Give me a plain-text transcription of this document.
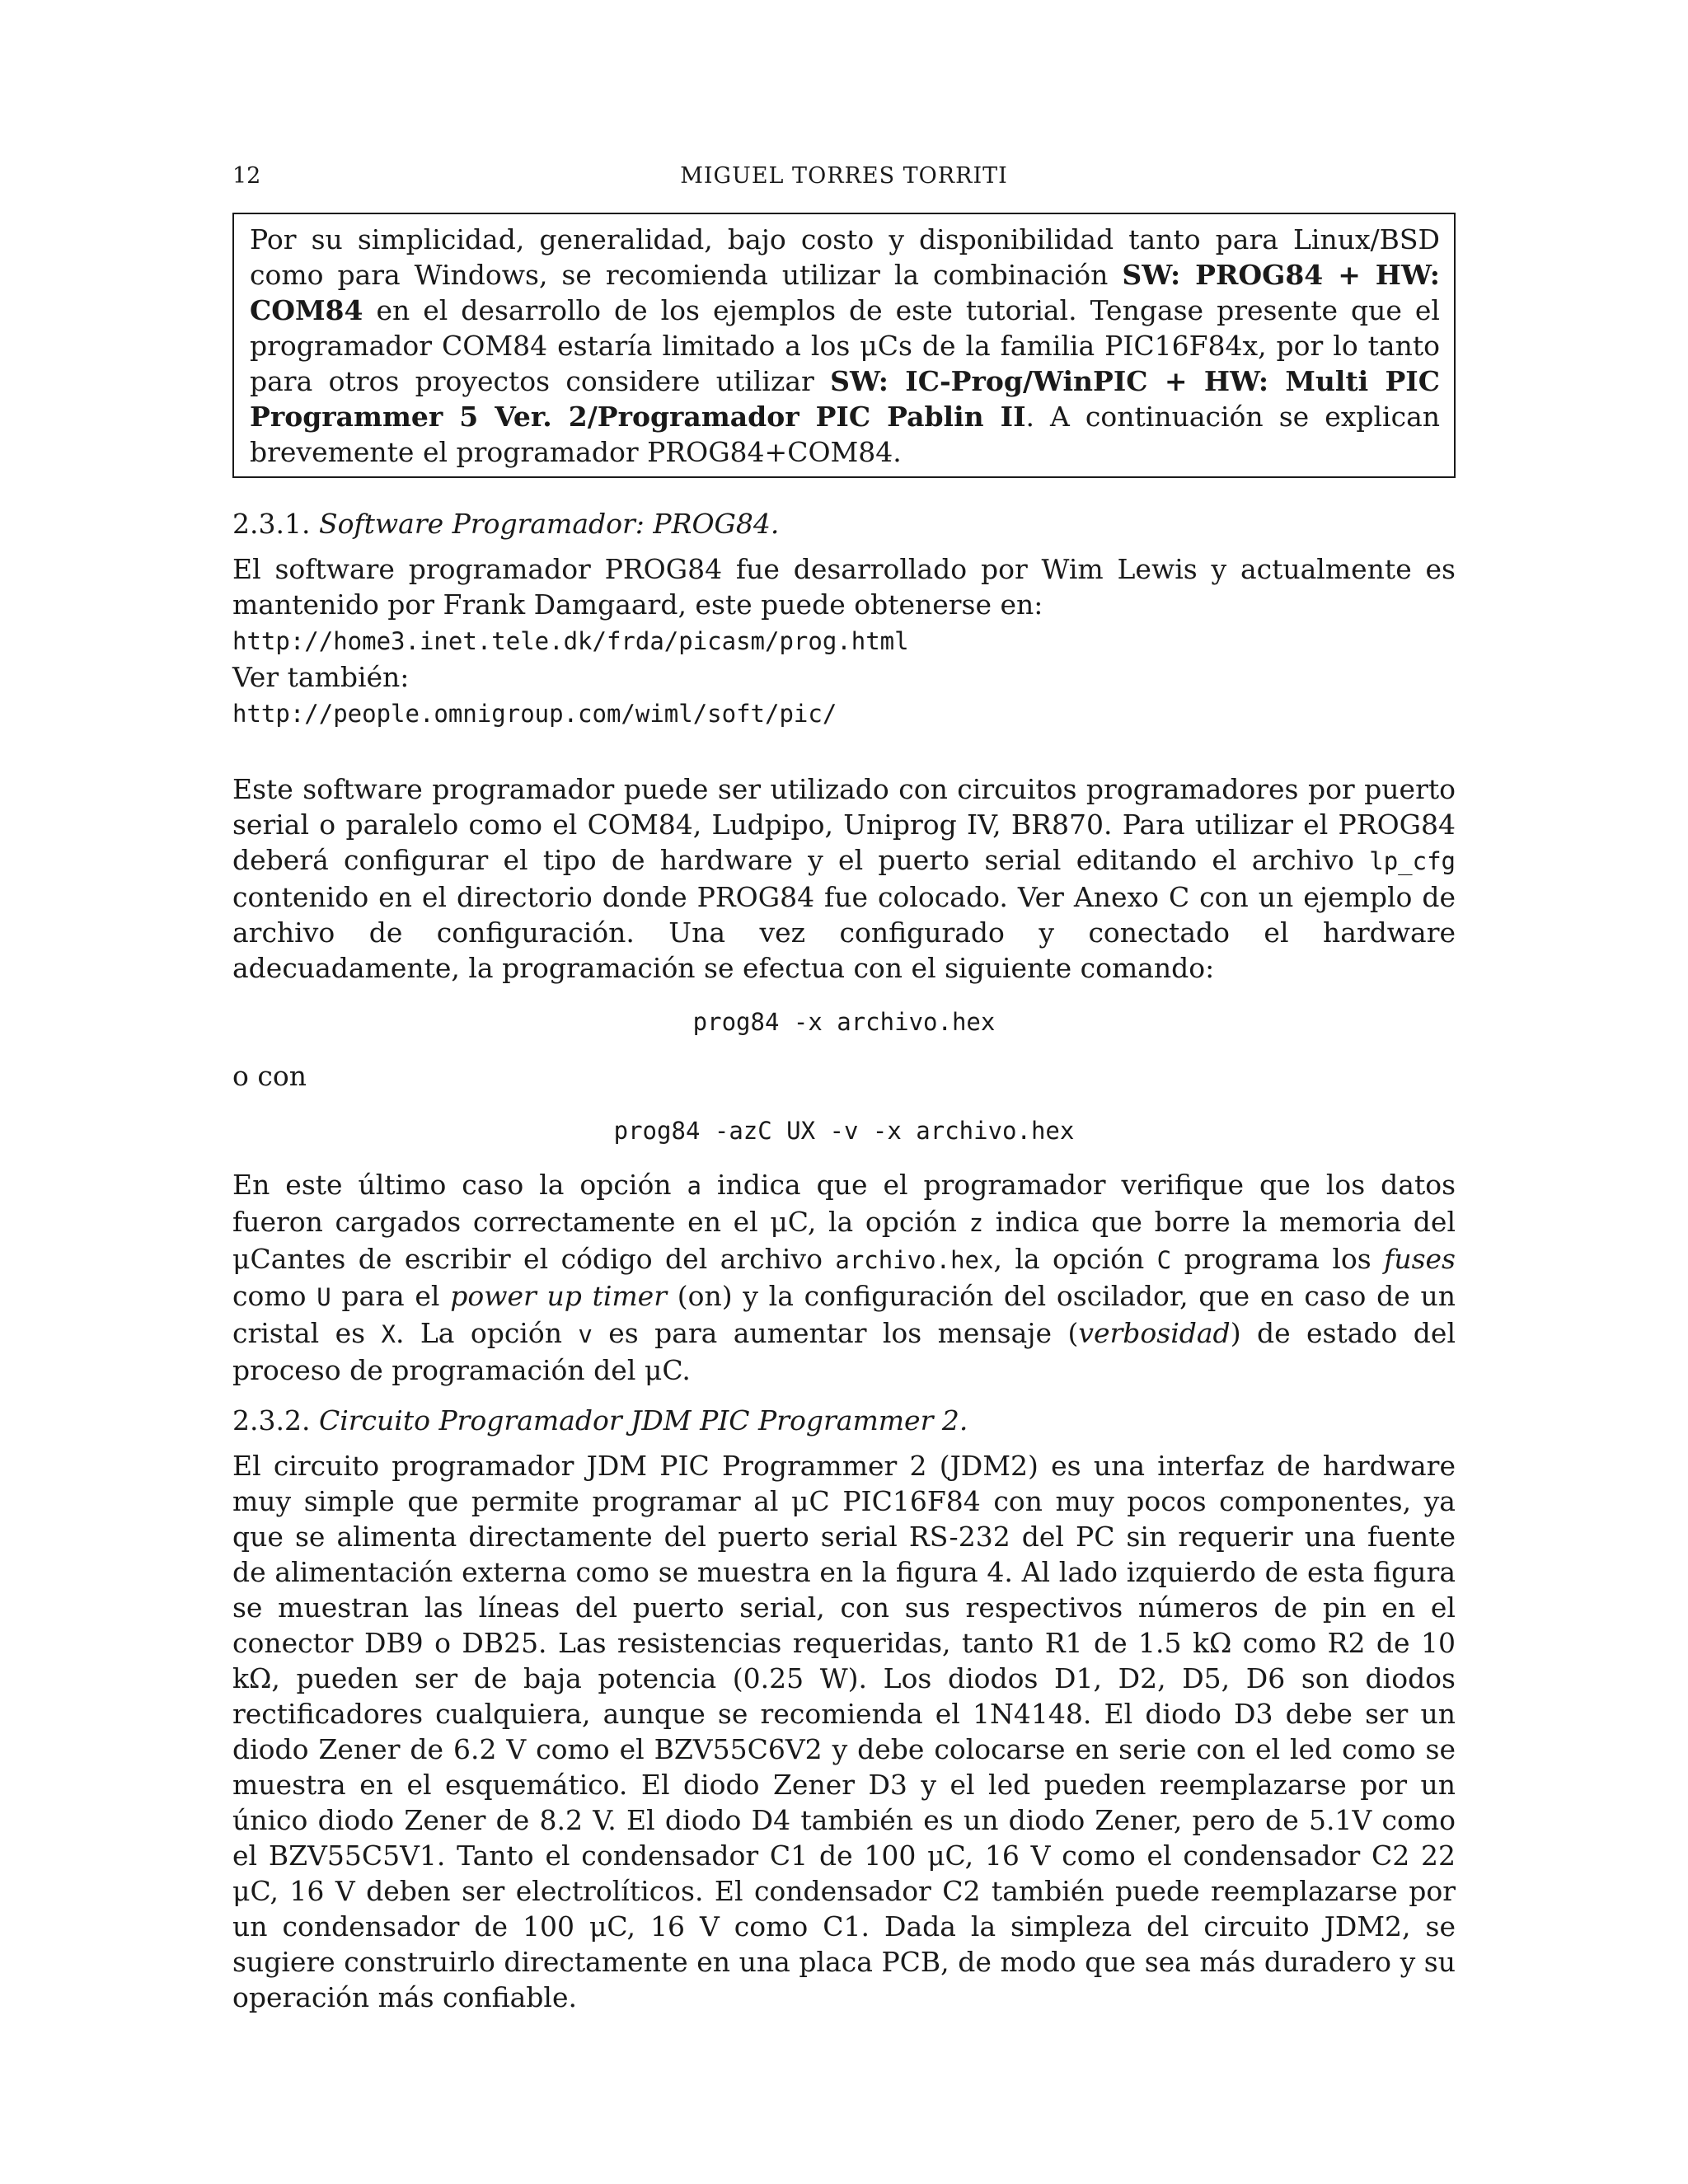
12	MIGUEL TORRES TORRITI
Por su simplicidad, generalidad, bajo costo y disponibilidad tanto para Linux/BSD como para Windows, se recomienda utilizar la combinación SW: PROG84 + HW: COM84 en el desarrollo de los ejemplos de este tutorial. Tengase presente que el programador COM84 estaría limitado a los μCs de la familia PIC16F84x, por lo tanto para otros proyectos considere utilizar SW: IC-Prog/WinPIC + HW: Multi PIC Programmer 5 Ver. 2/Programador PIC Pablin II. A continuación se explican brevemente el programador PROG84+COM84.

2.3.1. Software Programador: PROG84.

El software programador PROG84 fue desarrollado por Wim Lewis y actualmente es mantenido por Frank Damgaard, este puede obtenerse en:
http://home3.inet.tele.dk/frda/picasm/prog.html
Ver también:
http://people.omnigroup.com/wiml/soft/pic/

Este software programador puede ser utilizado con circuitos programadores por puerto serial o paralelo como el COM84, Ludpipo, Uniprog IV, BR870. Para utilizar el PROG84 deberá configurar el tipo de hardware y el puerto serial editando el archivo lp_cfg contenido en el directorio donde PROG84 fue colocado. Ver Anexo C con un ejemplo de archivo de configuración. Una vez configurado y conectado el hardware adecuadamente, la programación se efectua con el siguiente comando:

prog84 -x archivo.hex

o con

prog84 -azC UX -v -x archivo.hex

En este último caso la opción a indica que el programador verifique que los datos fueron cargados correctamente en el μC, la opción z indica que borre la memoria del μCantes de escribir el código del archivo archivo.hex, la opción C programa los fuses como U para el power up timer (on) y la configuración del oscilador, que en caso de un cristal es X. La opción v es para aumentar los mensaje (verbosidad) de estado del proceso de programación del μC.

2.3.2. Circuito Programador JDM PIC Programmer 2.

El circuito programador JDM PIC Programmer 2 (JDM2) es una interfaz de hardware muy simple que permite programar al μC PIC16F84 con muy pocos componentes, ya que se alimenta directamente del puerto serial RS-232 del PC sin requerir una fuente de alimentación externa como se muestra en la figura 4. Al lado izquierdo de esta figura se muestran las líneas del puerto serial, con sus respectivos números de pin en el conector DB9 o DB25. Las resistencias requeridas, tanto R1 de 1.5 kΩ como R2 de 10 kΩ, pueden ser de baja potencia (0.25 W). Los diodos D1, D2, D5, D6 son diodos rectificadores cualquiera, aunque se recomienda el 1N4148. El diodo D3 debe ser un diodo Zener de 6.2 V como el BZV55C6V2 y debe colocarse en serie con el led como se muestra en el esquemático. El diodo Zener D3 y el led pueden reemplazarse por un único diodo Zener de 8.2 V. El diodo D4 también es un diodo Zener, pero de 5.1V como el BZV55C5V1. Tanto el condensador C1 de 100 μC, 16 V como el condensador C2 22 μC, 16 V deben ser electrolíticos. El condensador C2 también puede reemplazarse por un condensador de 100 μC, 16 V como C1. Dada la simpleza del circuito JDM2, se sugiere construirlo directamente en una placa PCB, de modo que sea más duradero y su operación más confiable.
